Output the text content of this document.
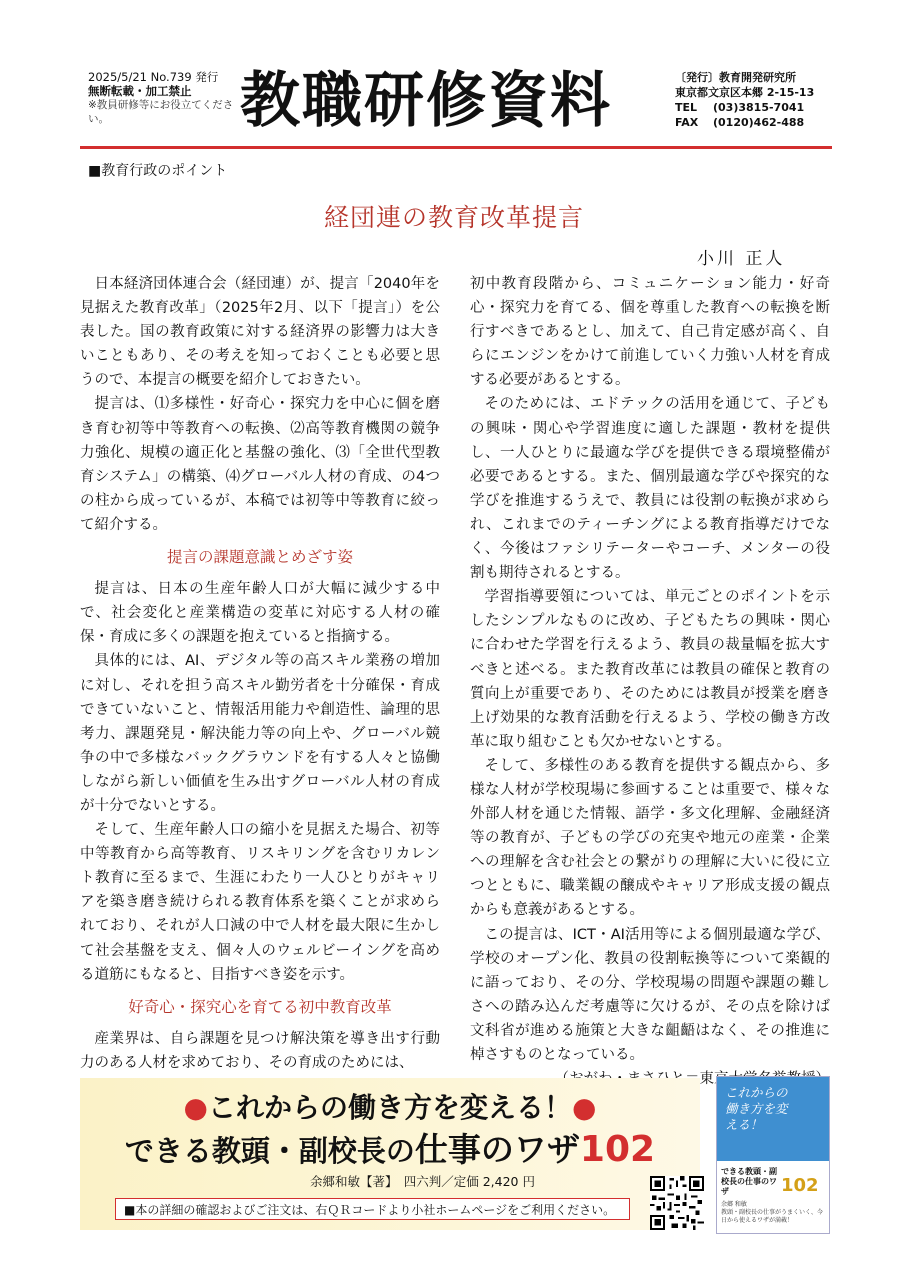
2025/5/21 No.739 発行
無断転載・加工禁止
※教員研修等にお役立てください。	教職研修資料	〔発行〕教育開発研究所
東京都文京区本郷 2-15-13
TEL (03)3815-7041
FAX (0120)462-488
■教育行政のポイント
経団連の教育改革提言
小川 正人

日本経済団体連合会（経団連）が、提言「2040年を見据えた教育改革」（2025年2月、以下「提言」）を公表した。国の教育政策に対する経済界の影響力は大きいこともあり、その考えを知っておくことも必要と思うので、本提言の概要を紹介しておきたい。

提言は、⑴多様性・好奇心・探究力を中心に個を磨き育む初等中等教育への転換、⑵高等教育機関の競争力強化、規模の適正化と基盤の強化、⑶「全世代型教育システム」の構築、⑷グローバル人材の育成、の4つの柱から成っているが、本稿では初等中等教育に絞って紹介する。

提言の課題意識とめざす姿

提言は、日本の生産年齢人口が大幅に減少する中で、社会変化と産業構造の変革に対応する人材の確保・育成に多くの課題を抱えていると指摘する。

具体的には、AI、デジタル等の高スキル業務の増加に対し、それを担う高スキル勤労者を十分確保・育成できていないこと、情報活用能力や創造性、論理的思考力、課題発見・解決能力等の向上や、グローバル競争の中で多様なバックグラウンドを有する人々と協働しながら新しい価値を生み出すグローバル人材の育成が十分でないとする。

そして、生産年齢人口の縮小を見据えた場合、初等中等教育から高等教育、リスキリングを含むリカレント教育に至るまで、生涯にわたり一人ひとりがキャリアを築き磨き続けられる教育体系を築くことが求められており、それが人口減の中で人材を最大限に生かして社会基盤を支え、個々人のウェルビーイングを高める道筋にもなると、目指すべき姿を示す。

好奇心・探究心を育てる初中教育改革

産業界は、自ら課題を見つけ解決策を導き出す行動力のある人材を求めており、その育成のためには、

初中教育段階から、コミュニケーション能力・好奇心・探究力を育てる、個を尊重した教育への転換を断行すべきであるとし、加えて、自己肯定感が高く、自らにエンジンをかけて前進していく力強い人材を育成する必要があるとする。

そのためには、エドテックの活用を通じて、子どもの興味・関心や学習進度に適した課題・教材を提供し、一人ひとりに最適な学びを提供できる環境整備が必要であるとする。また、個別最適な学びや探究的な学びを推進するうえで、教員には役割の転換が求められ、これまでのティーチングによる教育指導だけでなく、今後はファシリテーターやコーチ、メンターの役割も期待されるとする。

学習指導要領については、単元ごとのポイントを示したシンプルなものに改め、子どもたちの興味・関心に合わせた学習を行えるよう、教員の裁量幅を拡大すべきと述べる。また教育改革には教員の確保と教育の質向上が重要であり、そのためには教員が授業を磨き上げ効果的な教育活動を行えるよう、学校の働き方改革に取り組むことも欠かせないとする。

そして、多様性のある教育を提供する観点から、多様な人材が学校現場に参画することは重要で、様々な外部人材を通じた情報、語学・多文化理解、金融経済等の教育が、子どもの学びの充実や地元の産業・企業への理解を含む社会との繋がりの理解に大いに役に立つとともに、職業観の醸成やキャリア形成支援の観点からも意義があるとする。

この提言は、ICT・AI活用等による個別最適な学び、学校のオープン化、教員の役割転換等について楽観的に語っており、その分、学校現場の問題や課題の難しさへの踏み込んだ考慮等に欠けるが、その点を除けば文科省が進める施策と大きな齟齬はなく、その推進に棹さすものとなっている。

●これからの働き方を変える！●
できる教頭・副校長の仕事のワザ102
余郷和敏【著】　四六判／定価 2,420 円
■本の詳細の確認およびご注文は、右ＱＲコードより小社ホームページをご利用ください。
これからの働き方を変える！
できる教頭・副校長の仕事のワザ	102
余郷 和敏
教頭・副校長の仕事がうまくいく、今日から使えるワザが満載！
